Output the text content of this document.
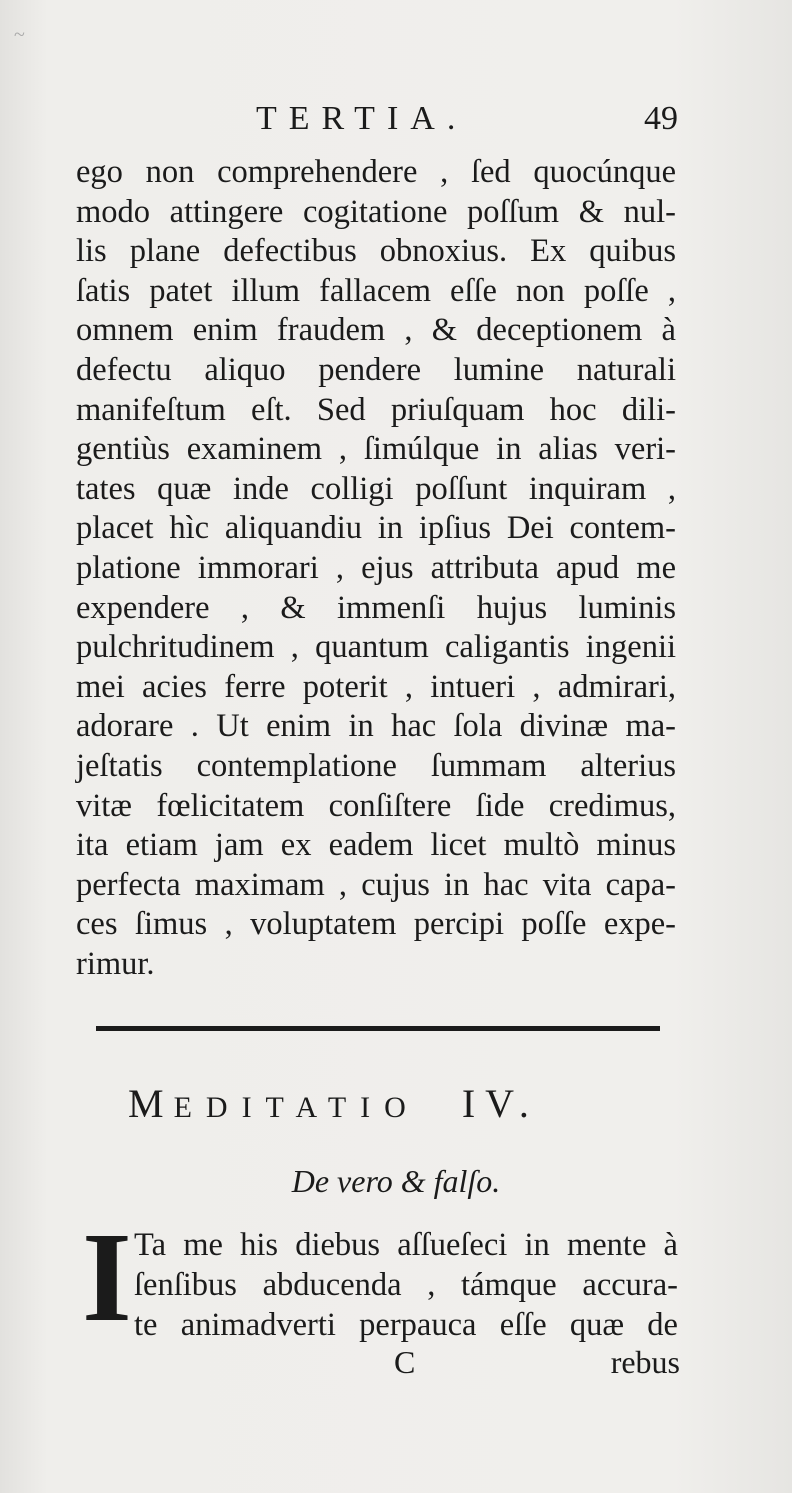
~
TERTIA.	49
ego non comprehendere , ſed quocúnque
modo attingere cogitatione poſſum & nul-
lis plane defectibus obnoxius. Ex quibus
ſatis patet illum fallacem eſſe non poſſe ,
omnem enim fraudem , & deceptionem à
defectu aliquo pendere lumine naturali
manifeſtum eſt. Sed priuſquam hoc dili-
gentiùs examinem , ſimúlque in alias veri-
tates quæ inde colligi poſſunt inquiram ,
placet hìc aliquandiu in ipſius Dei contem-
platione immorari , ejus attributa apud me
expendere , & immenſi hujus luminis
pulchritudinem , quantum caligantis ingenii
mei acies ferre poterit , intueri , admirari,
adorare . Ut enim in hac ſola divinæ ma-
jeſtatis contemplatione ſummam alterius
vitæ fœlicitatem conſiſtere ſide credimus,
ita etiam jam ex eadem licet multò minus
perfecta maximam , cujus in hac vita capa-
ces ſimus , voluptatem percipi poſſe expe-
rimur.
MEDITATIO IV.
De vero & falſo.
I Ta me his diebus aſſueſeci in mente à
ſenſibus abducenda , támque accura-
te animadverti perpauca eſſe quæ de
C	rebus
